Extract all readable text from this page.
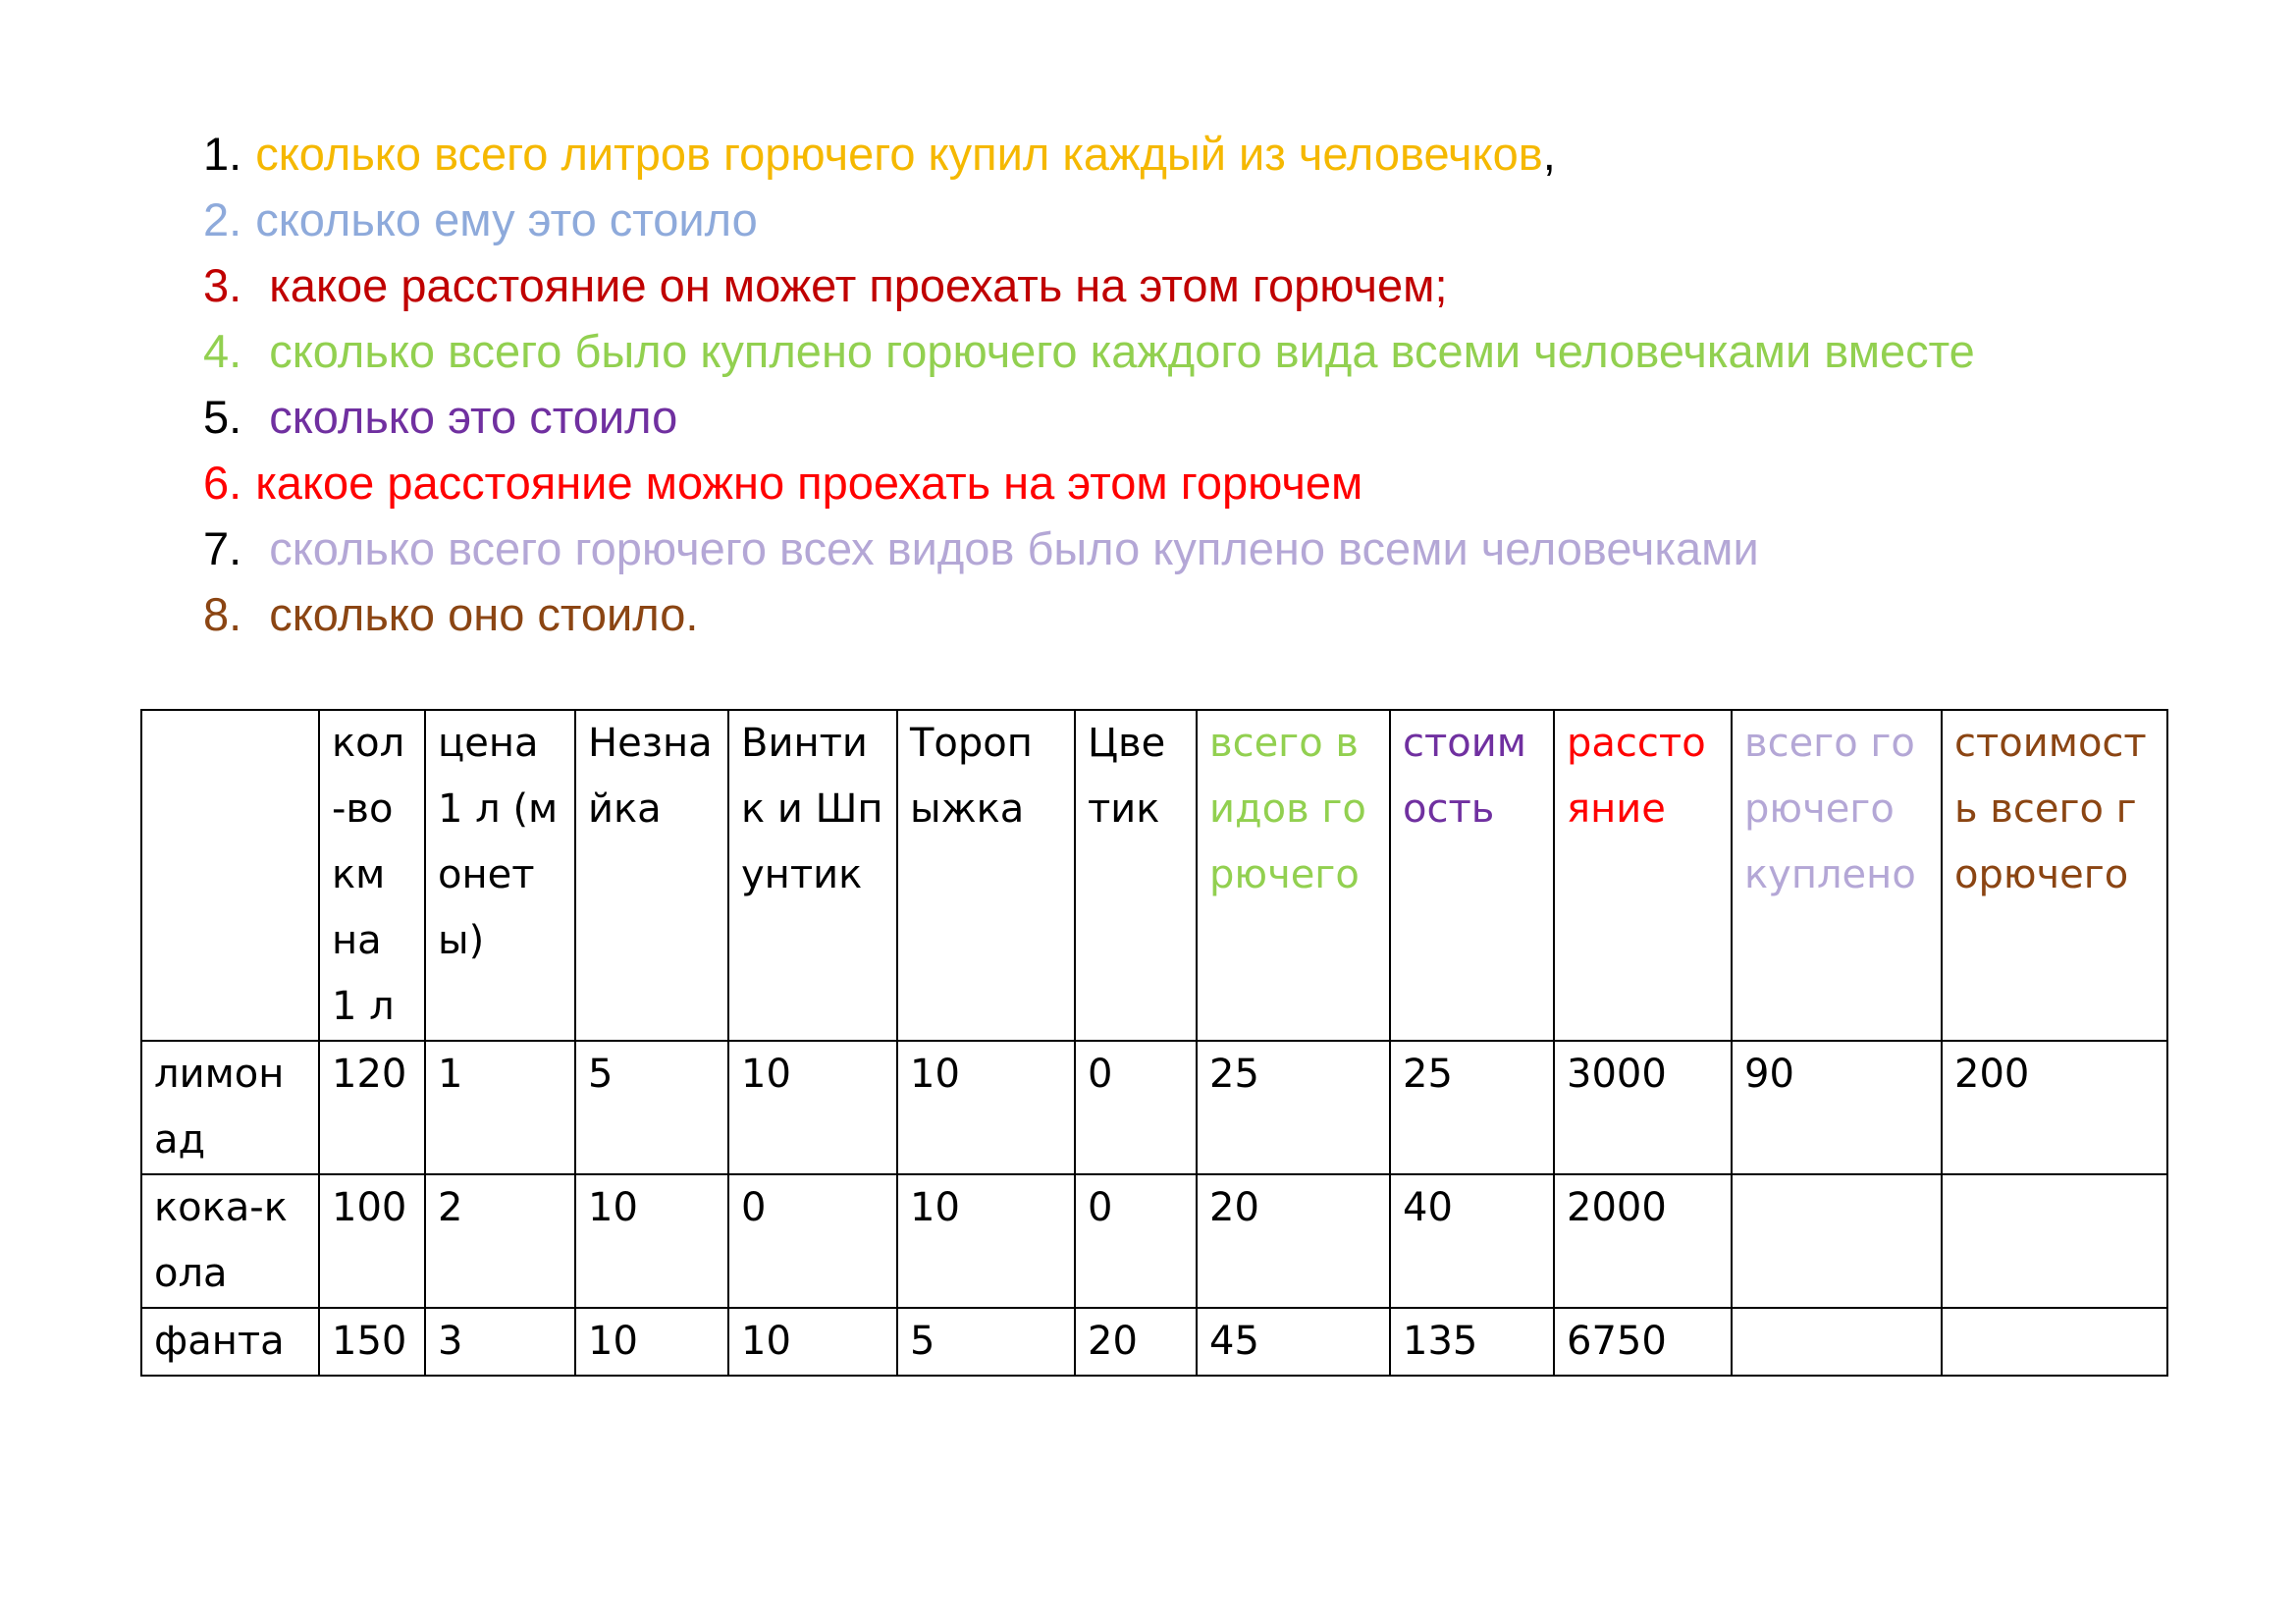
1. сколько всего литров горючего купил каждый из человечков,
2. сколько ему это стоило
3. какое расстояние он может проехать на этом горючем;
4. сколько всего было куплено горючего каждого вида всеми человечками вместе
5. сколько это стоило
6. какое расстояние можно проехать на этом горючем
7. сколько всего горючего всех видов было куплено всеми человечками
8. сколько оно стоило.
	кол-во км на 1 л	цена 1 л (монеты)	Незнайка	Винтик и Шпунтик	Торопыжка	Цветик	всего видов горючего	стоимость	расстояние	всего горючего куплено	стоимость всего горючего
лимонад	120	1	5	10	10	0	25	25	3000	90	200
кока-кола	100	2	10	0	10	0	20	40	2000		
фанта	150	3	10	10	5	20	45	135	6750		
